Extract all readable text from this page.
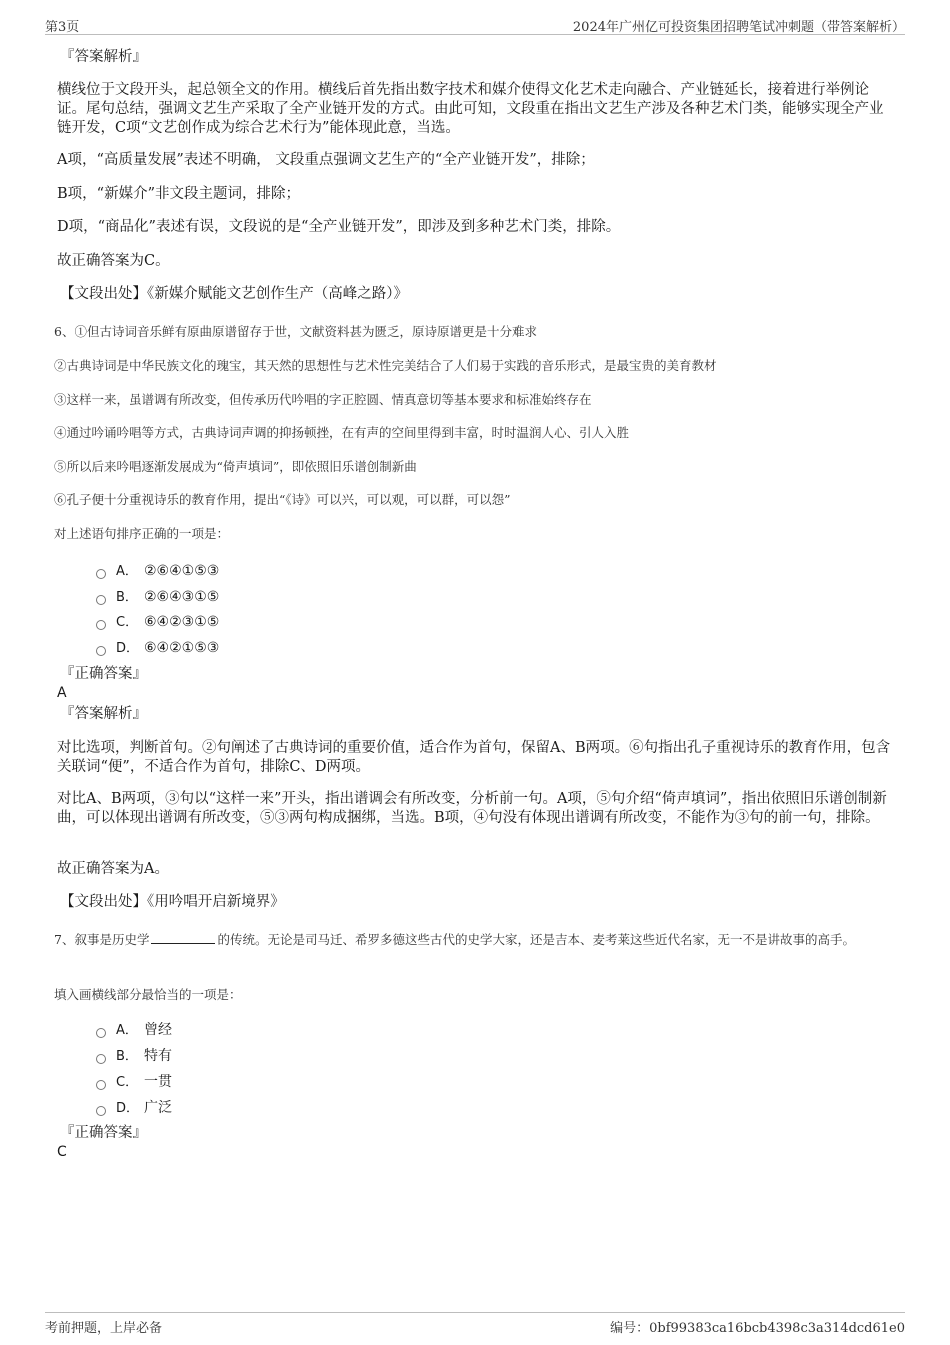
第3页	2024年广州亿可投资集团招聘笔试冲刺题（带答案解析）
『答案解析』
横线位于文段开头，起总领全文的作用。横线后首先指出数字技术和媒介使得文化艺术走向融合、产业链延长，接着进行举例论证。尾句总结，强调文艺生产采取了全产业链开发的方式。由此可知，文段重在指出文艺生产涉及各种艺术门类，能够实现全产业链开发，C项“文艺创作成为综合艺术行为”能体现此意，当选。
A项，“高质量发展”表述不明确， 文段重点强调文艺生产的“全产业链开发”，排除；
B项，“新媒介”非文段主题词，排除；
D项，“商品化”表述有误，文段说的是“全产业链开发”，即涉及到多种艺术门类，排除。
故正确答案为C。
【文段出处】《新媒介赋能文艺创作生产（高峰之路）》
6、①但古诗词音乐鲜有原曲原谱留存于世，文献资料甚为匮乏，原诗原谱更是十分难求
②古典诗词是中华民族文化的瑰宝，其天然的思想性与艺术性完美结合了人们易于实践的音乐形式，是最宝贵的美育教材
③这样一来，虽谱调有所改变，但传承历代吟唱的字正腔圆、情真意切等基本要求和标准始终存在
④通过吟诵吟唱等方式，古典诗词声调的抑扬顿挫，在有声的空间里得到丰富，时时温润人心、引人入胜
⑤所以后来吟唱逐渐发展成为“倚声填词”，即依照旧乐谱创制新曲
⑥孔子便十分重视诗乐的教育作用，提出“《诗》可以兴，可以观，可以群，可以怨”
对上述语句排序正确的一项是：
A． ②⑥④①⑤③
B． ②⑥④③①⑤
C． ⑥④②③①⑤
D． ⑥④②①⑤③
『正确答案』
A
『答案解析』
对比选项，判断首句。②句阐述了古典诗词的重要价值，适合作为首句，保留A、B两项。⑥句指出孔子重视诗乐的教育作用，包含关联词“便”，不适合作为首句，排除C、D两项。
对比A、B两项，③句以“这样一来”开头，指出谱调会有所改变，分析前一句。A项，⑤句介绍“倚声填词”，指出依照旧乐谱创制新曲，可以体现出谱调有所改变，⑤③两句构成捆绑，当选。B项，④句没有体现出谱调有所改变，不能作为③句的前一句，排除。
故正确答案为A。
【文段出处】《用吟唱开启新境界》
7、叙事是历史学	的传统。无论是司马迁、希罗多德这些古代的史学大家，还是吉本、麦考莱这些近代名家，无一不是讲故事的高手。
填入画横线部分最恰当的一项是：
A． 曾经
B． 特有
C． 一贯
D． 广泛
『正确答案』
C
考前押题，上岸必备	编号：0bf99383ca16bcb4398c3a314dcd61e0
